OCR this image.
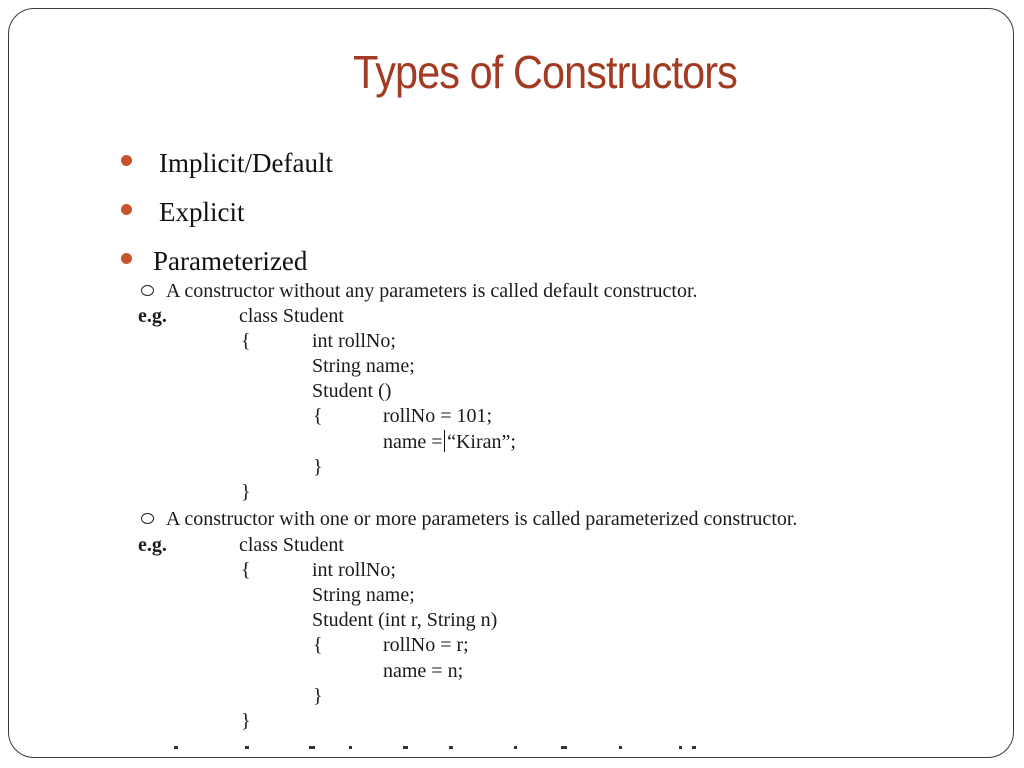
Types of Constructors
Implicit/Default
Explicit
Parameterized
A constructor without any parameters is called default constructor.
e.g.	class Student
{	int rollNo;
String name;
Student ()
{	rollNo = 101;
name = “Kiran”;
}
}
A constructor with one or more parameters is called parameterized constructor.
e.g.	class Student
{	int rollNo;
String name;
Student (int r, String n)
{	rollNo = r;
name = n;
}
}
